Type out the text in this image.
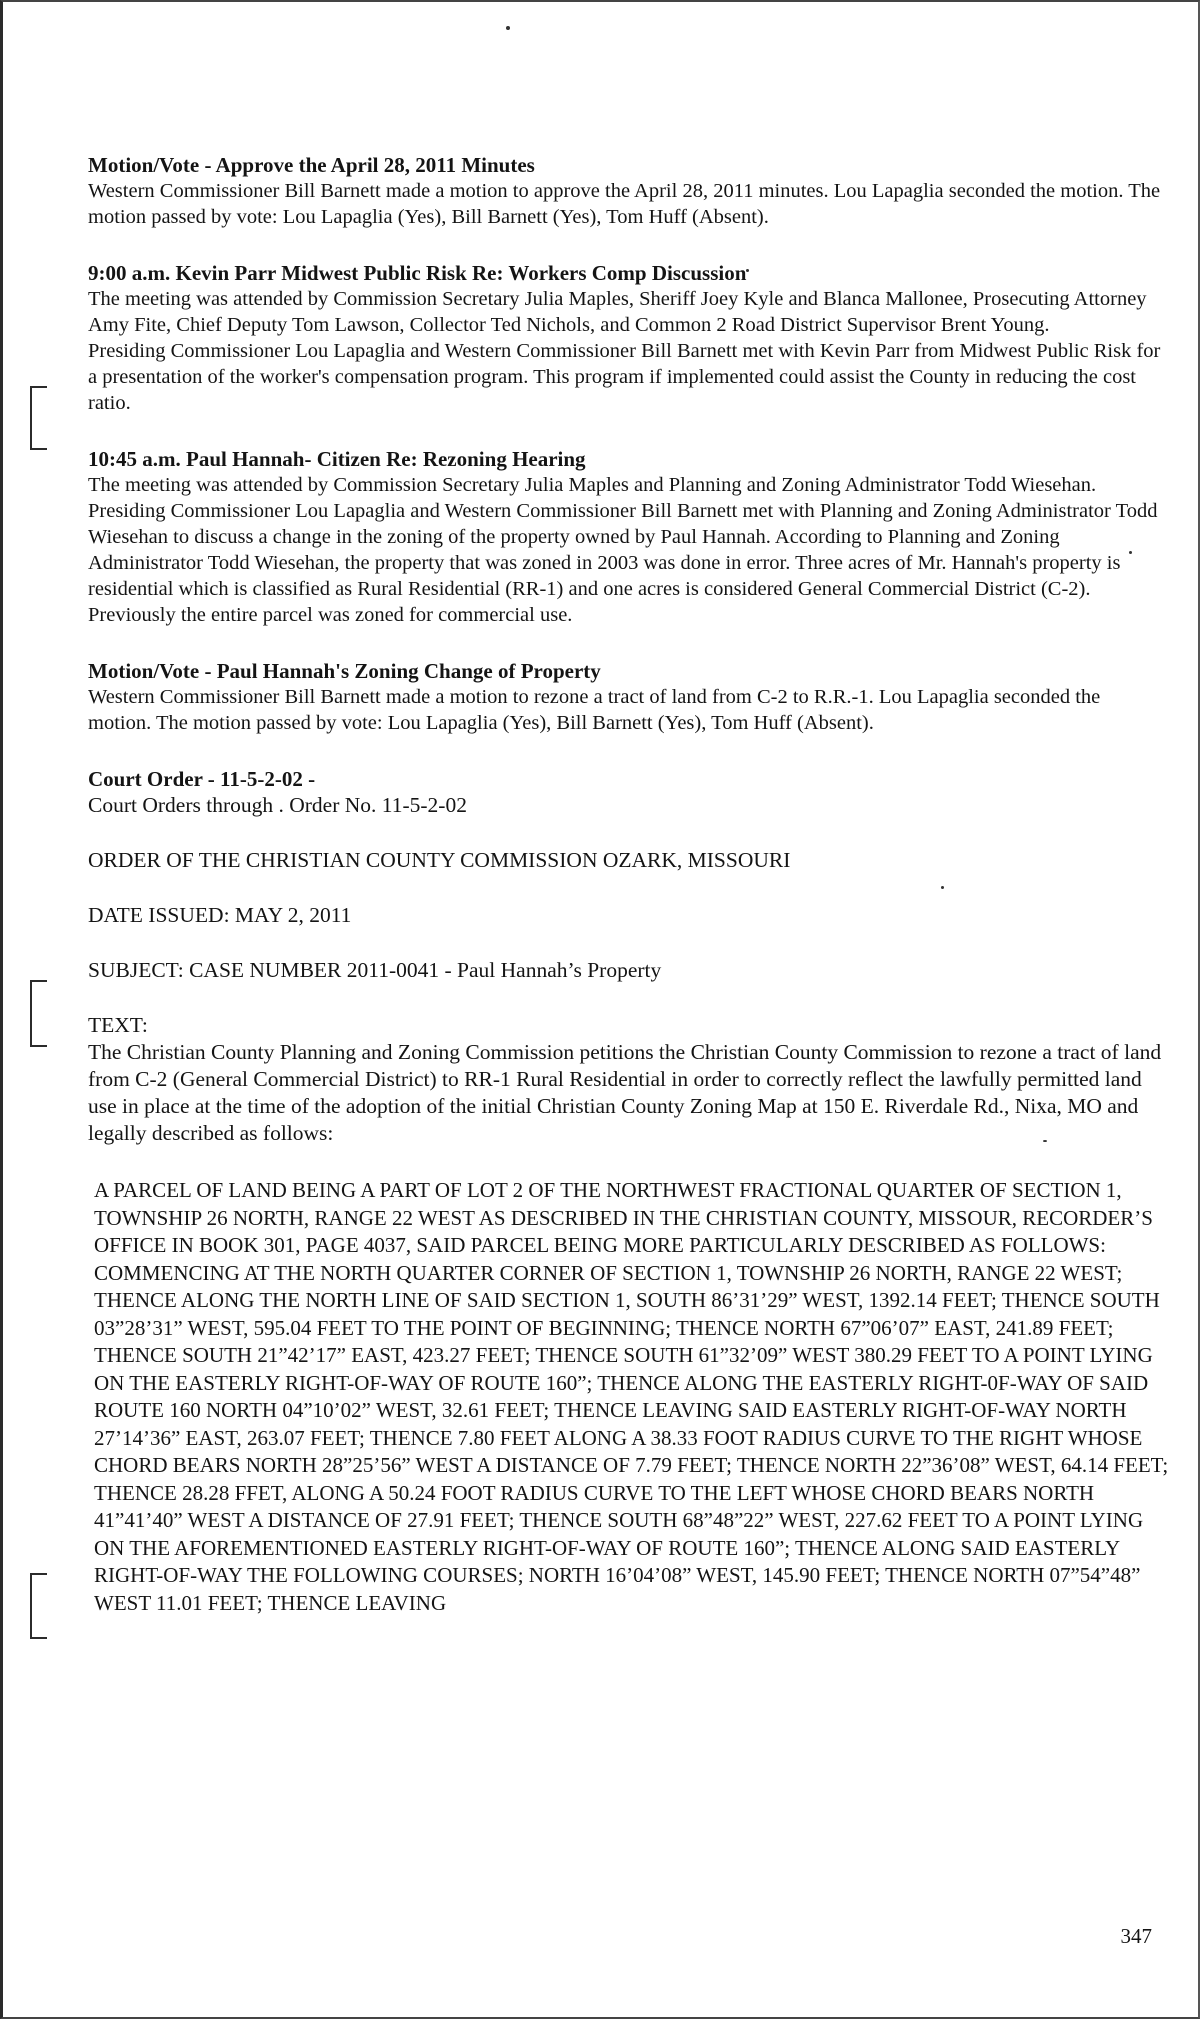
Motion/Vote - Approve the April 28, 2011 Minutes

Western Commissioner Bill Barnett made a motion to approve the April 28, 2011 minutes. Lou Lapaglia seconded the motion. The motion passed by vote: Lou Lapaglia (Yes), Bill Barnett (Yes), Tom Huff (Absent).

9:00 a.m. Kevin Parr Midwest Public Risk Re: Workers Comp Discussion

The meeting was attended by Commission Secretary Julia Maples, Sheriff Joey Kyle and Blanca Mallonee, Prosecuting Attorney Amy Fite, Chief Deputy Tom Lawson, Collector Ted Nichols, and Common 2 Road District Supervisor Brent Young.

Presiding Commissioner Lou Lapaglia and Western Commissioner Bill Barnett met with Kevin Parr from Midwest Public Risk for a presentation of the worker's compensation program. This program if implemented could assist the County in reducing the cost ratio.

10:45 a.m. Paul Hannah- Citizen Re: Rezoning Hearing

The meeting was attended by Commission Secretary Julia Maples and Planning and Zoning Administrator Todd Wiesehan.

Presiding Commissioner Lou Lapaglia and Western Commissioner Bill Barnett met with Planning and Zoning Administrator Todd Wiesehan to discuss a change in the zoning of the property owned by Paul Hannah. According to Planning and Zoning Administrator Todd Wiesehan, the property that was zoned in 2003 was done in error. Three acres of Mr. Hannah's property is residential which is classified as Rural Residential (RR-1) and one acres is considered General Commercial District (C-2). Previously the entire parcel was zoned for commercial use.

Motion/Vote - Paul Hannah's Zoning Change of Property

Western Commissioner Bill Barnett made a motion to rezone a tract of land from C-2 to R.R.-1. Lou Lapaglia seconded the motion. The motion passed by vote: Lou Lapaglia (Yes), Bill Barnett (Yes), Tom Huff (Absent).

Court Order - 11-5-2-02 -

Court Orders through . Order No. 11-5-2-02

ORDER OF THE CHRISTIAN COUNTY COMMISSION OZARK, MISSOURI

DATE ISSUED: MAY 2, 2011

SUBJECT: CASE NUMBER 2011-0041 - Paul Hannah’s Property

TEXT:

The Christian County Planning and Zoning Commission petitions the Christian County Commission to rezone a tract of land from C-2 (General Commercial District) to RR-1 Rural Residential in order to correctly reflect the lawfully permitted land use in place at the time of the adoption of the initial Christian County Zoning Map at 150 E. Riverdale Rd., Nixa, MO and legally described as follows:

A PARCEL OF LAND BEING A PART OF LOT 2 OF THE NORTHWEST FRACTIONAL QUARTER OF SECTION 1, TOWNSHIP 26 NORTH, RANGE 22 WEST AS DESCRIBED IN THE CHRISTIAN COUNTY, MISSOUR, RECORDER’S OFFICE IN BOOK 301, PAGE 4037, SAID PARCEL BEING MORE PARTICULARLY DESCRIBED AS FOLLOWS: COMMENCING AT THE NORTH QUARTER CORNER OF SECTION 1, TOWNSHIP 26 NORTH, RANGE 22 WEST; THENCE ALONG THE NORTH LINE OF SAID SECTION 1, SOUTH 86’31’29” WEST, 1392.14 FEET; THENCE SOUTH 03”28’31” WEST, 595.04 FEET TO THE POINT OF BEGINNING; THENCE NORTH 67”06’07” EAST, 241.89 FEET; THENCE SOUTH 21”42’17” EAST, 423.27 FEET; THENCE SOUTH 61”32’09” WEST 380.29 FEET TO A POINT LYING ON THE EASTERLY RIGHT-OF-WAY OF ROUTE 160”; THENCE ALONG THE EASTERLY RIGHT-0F-WAY OF SAID ROUTE 160 NORTH 04”10’02” WEST, 32.61 FEET; THENCE LEAVING SAID EASTERLY RIGHT-OF-WAY NORTH 27’14’36” EAST, 263.07 FEET; THENCE 7.80 FEET ALONG A 38.33 FOOT RADIUS CURVE TO THE RIGHT WHOSE CHORD BEARS NORTH 28”25’56” WEST A DISTANCE OF 7.79 FEET; THENCE NORTH 22”36’08” WEST, 64.14 FEET; THENCE 28.28 FFET, ALONG A 50.24 FOOT RADIUS CURVE TO THE LEFT WHOSE CHORD BEARS NORTH 41”41’40” WEST A DISTANCE OF 27.91 FEET; THENCE SOUTH 68”48”22” WEST, 227.62 FEET TO A POINT LYING ON THE AFOREMENTIONED EASTERLY RIGHT-OF-WAY OF ROUTE 160”; THENCE ALONG SAID EASTERLY RIGHT-OF-WAY THE FOLLOWING COURSES; NORTH 16’04’08” WEST, 145.90 FEET; THENCE NORTH 07”54”48” WEST 11.01 FEET; THENCE LEAVING

347
